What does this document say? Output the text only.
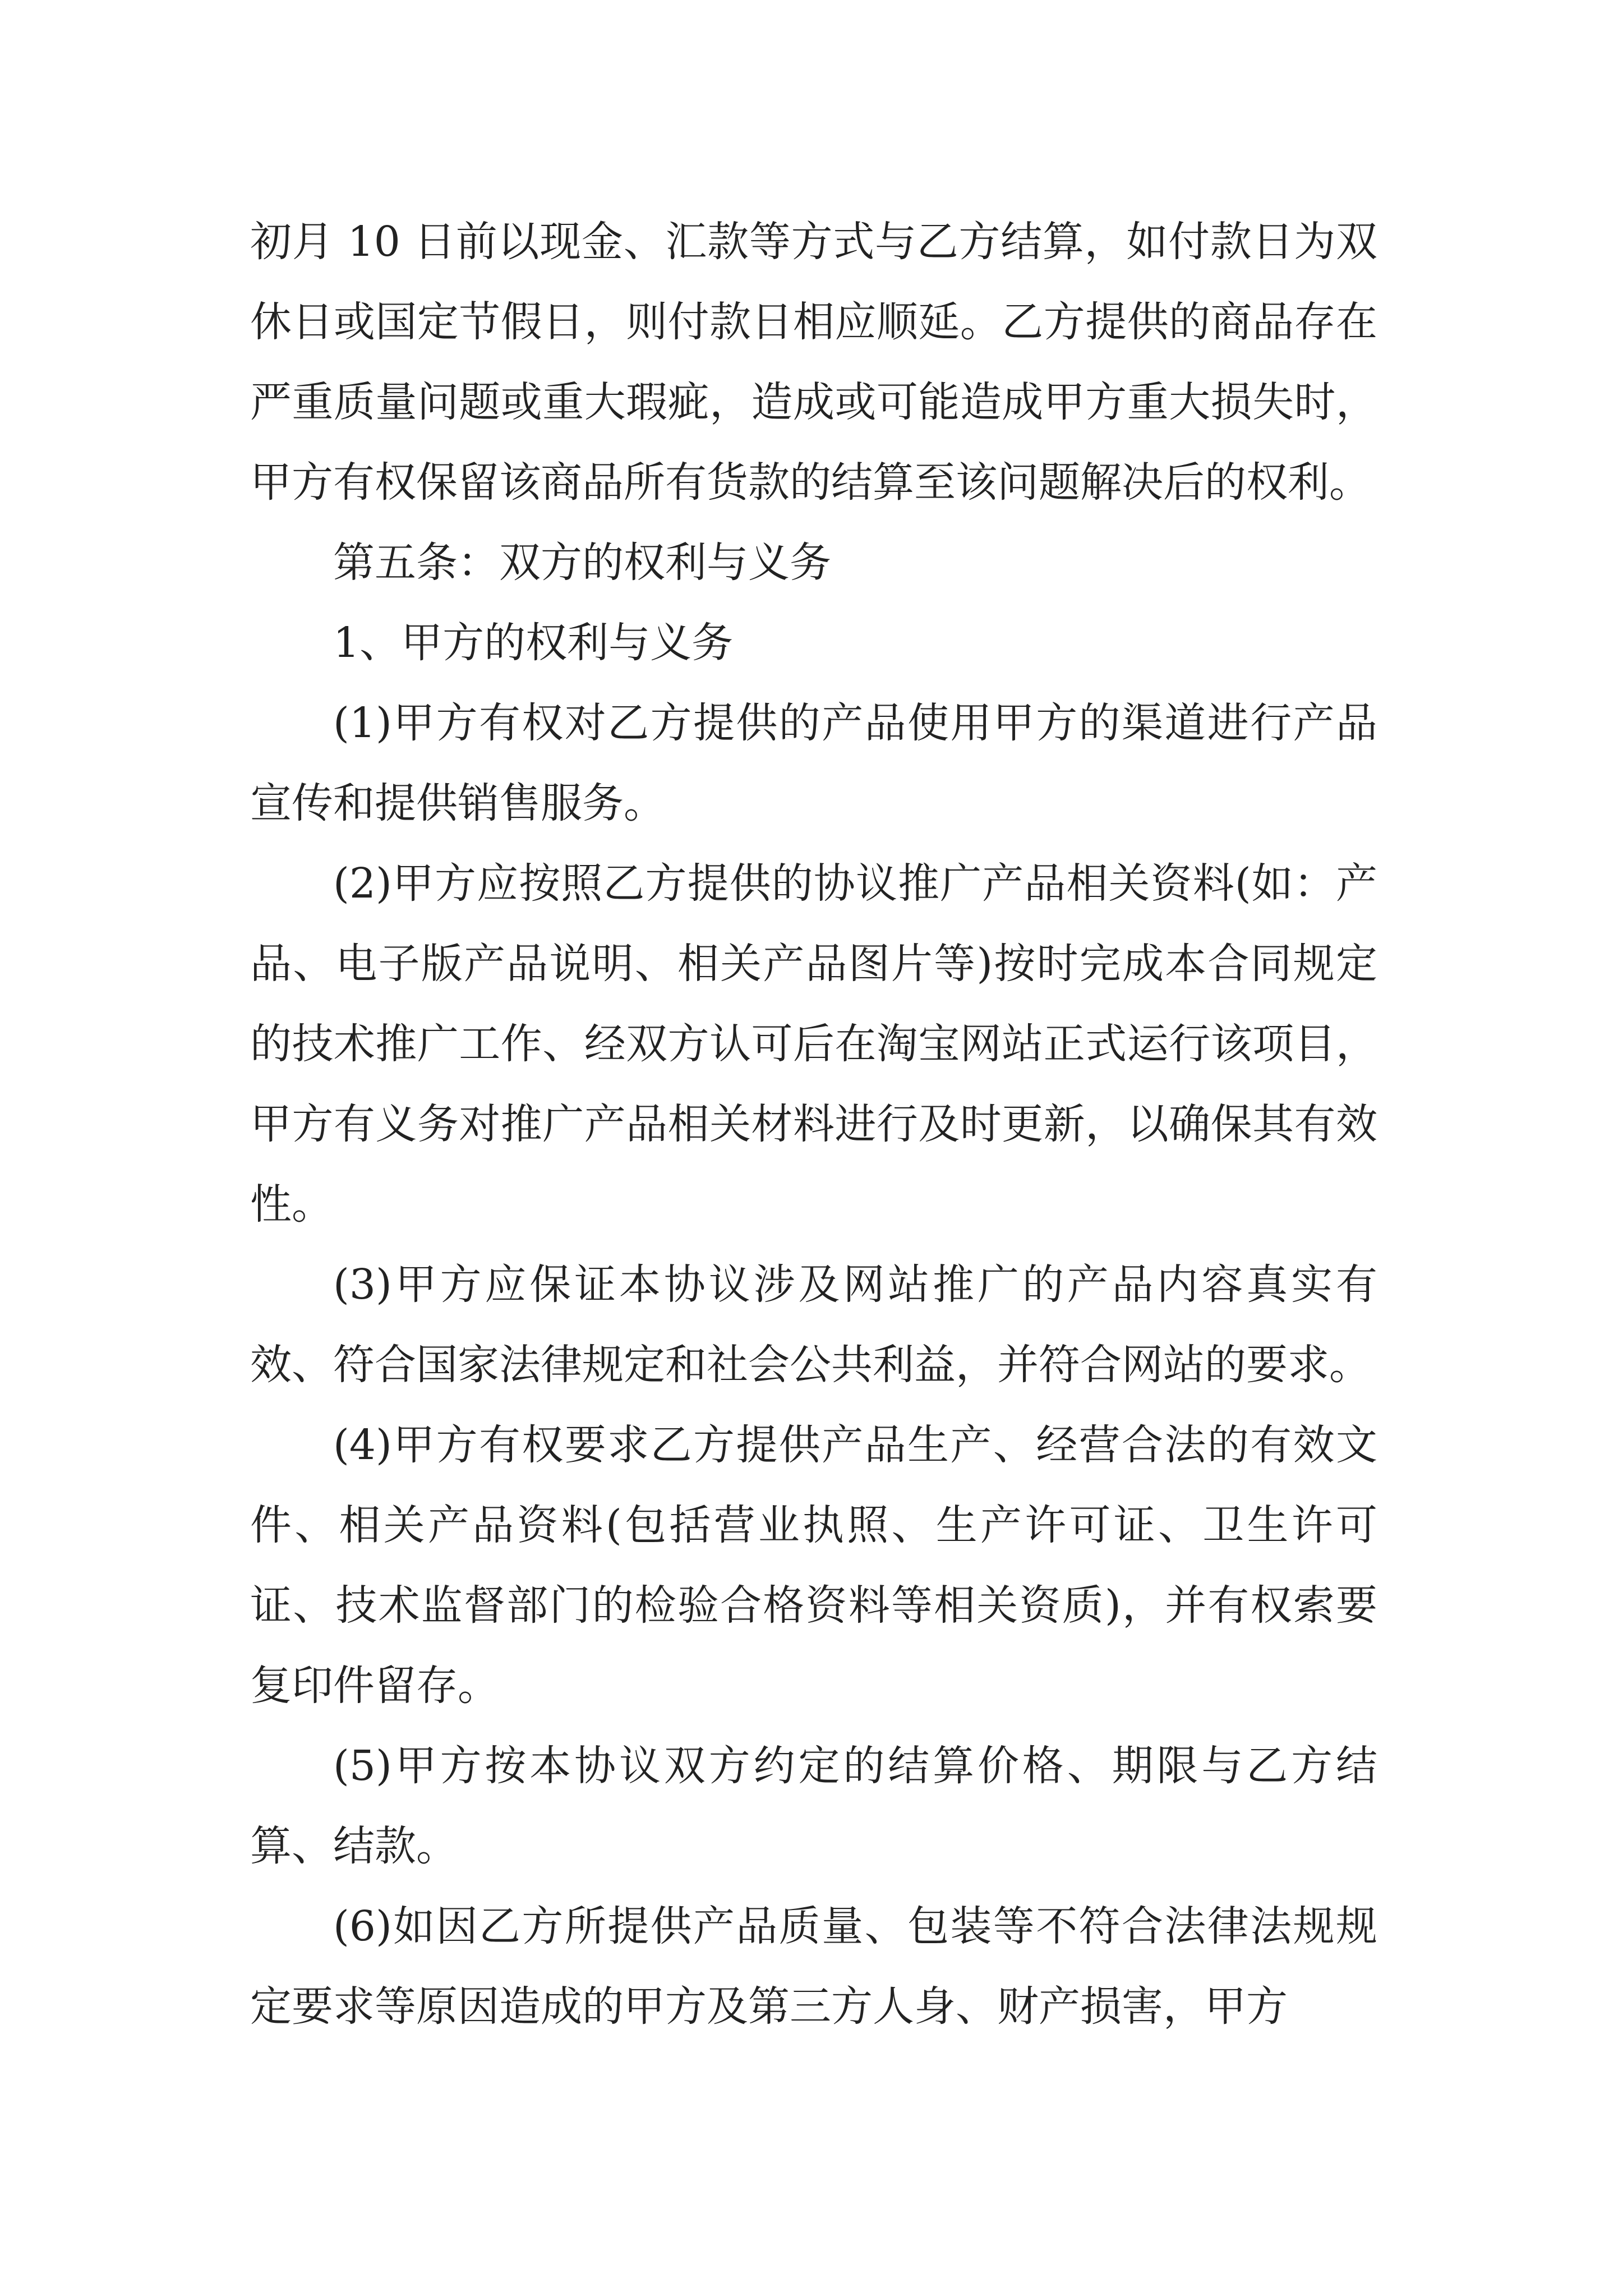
初月 10 日前以现金、汇款等方式与乙方结算，如付款日为双休日或国定节假日，则付款日相应顺延。乙方提供的商品存在严重质量问题或重大瑕疵，造成或可能造成甲方重大损失时，甲方有权保留该商品所有货款的结算至该问题解决后的权利。

第五条：双方的权利与义务

1、甲方的权利与义务

(1)甲方有权对乙方提供的产品使用甲方的渠道进行产品宣传和提供销售服务。

(2)甲方应按照乙方提供的协议推广产品相关资料(如：产品、电子版产品说明、相关产品图片等)按时完成本合同规定的技术推广工作、经双方认可后在淘宝网站正式运行该项目，甲方有义务对推广产品相关材料进行及时更新，以确保其有效性。

(3)甲方应保证本协议涉及网站推广的产品内容真实有效、符合国家法律规定和社会公共利益，并符合网站的要求。

(4)甲方有权要求乙方提供产品生产、经营合法的有效文件、相关产品资料(包括营业执照、生产许可证、卫生许可证、技术监督部门的检验合格资料等相关资质)，并有权索要复印件留存。

(5)甲方按本协议双方约定的结算价格、期限与乙方结算、结款。

(6)如因乙方所提供产品质量、包装等不符合法律法规规定要求等原因造成的甲方及第三方人身、财产损害，甲方
